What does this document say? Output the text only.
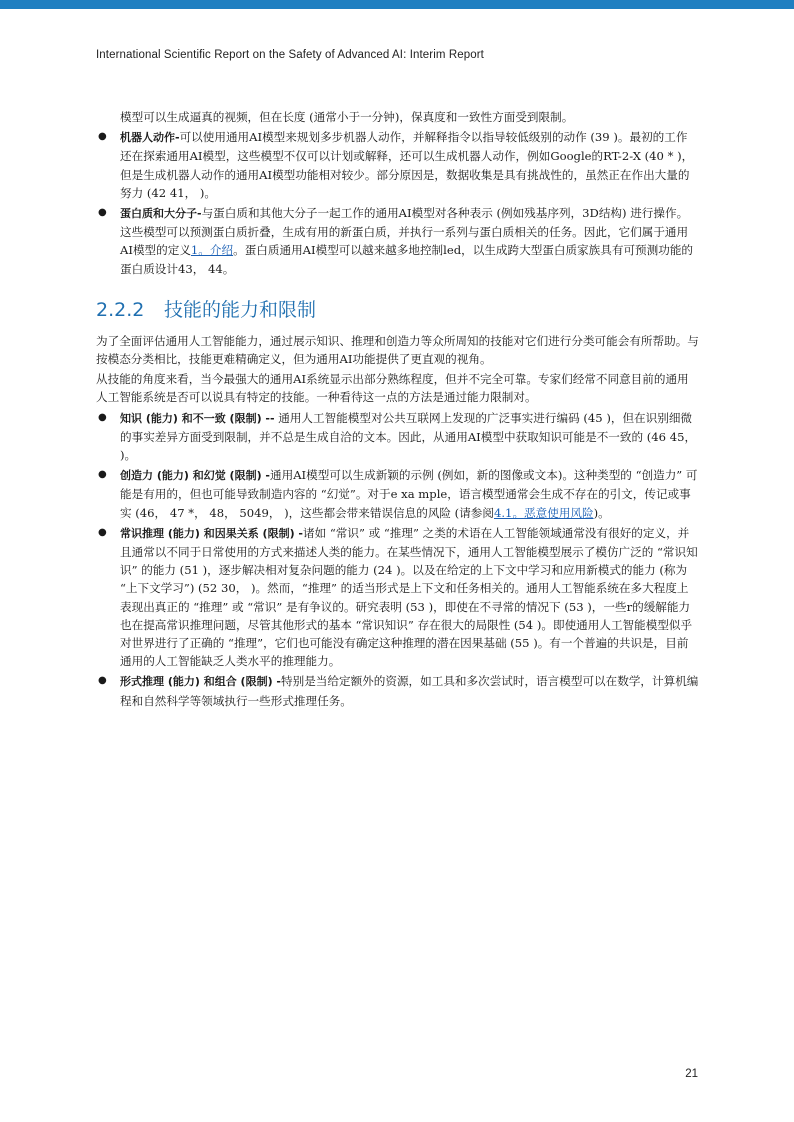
International Scientific Report on the Safety of Advanced AI: Interim Report

模型可以生成逼真的视频，但在长度 (通常小于一分钟)，保真度和一致性方面受到限制。

● 机器人动作-可以使用通用AI模型来规划多步机器人动作，并解释指令以指导较低级别的动作 (39 )。最初的工作还在探索通用AI模型，这些模型不仅可以计划或解释，还可以生成机器人动作，例如Google的RT-2-X (40 * )，但是生成机器人动作的通用AI模型功能相对较少。部分原因是，数据收集是具有挑战性的，虽然正在作出大量的努力 (42 41， )。
● 蛋白质和大分子-与蛋白质和其他大分子一起工作的通用AI模型对各种表示 (例如残基序列，3D结构) 进行操作。这些模型可以预测蛋白质折叠，生成有用的新蛋白质，并执行一系列与蛋白质相关的任务。因此，它们属于通用AI模型的定义1。介绍。蛋白质通用AI模型可以越来越多地控制led，以生成跨大型蛋白质家族具有可预测功能的蛋白质设计43， 44。
2.2.2 技能的能力和限制

为了全面评估通用人工智能能力，通过展示知识、推理和创造力等众所周知的技能对它们进行分类可能会有所帮助。与按模态分类相比，技能更难精确定义，但为通用AI功能提供了更直观的视角。

从技能的角度来看，当今最强大的通用AI系统显示出部分熟练程度，但并不完全可靠。专家们经常不同意目前的通用人工智能系统是否可以说具有特定的技能。一种看待这一点的方法是通过能力限制对。

● 知识 (能力) 和不一致 (限制) -- 通用人工智能模型对公共互联网上发现的广泛事实进行编码 (45 )，但在识别细微的事实差异方面受到限制，并不总是生成自洽的文本。因此，从通用AI模型中获取知识可能是不一致的 (46 45， )。
● 创造力 (能力) 和幻觉 (限制) -通用AI模型可以生成新颖的示例 (例如，新的图像或文本)。这种类型的 “创造力” 可能是有用的，但也可能导致制造内容的 “幻觉”。对于e xa mple，语言模型通常会生成不存在的引文，传记或事实 (46， 47 *， 48， 5049， )，这些都会带来错误信息的风险 (请参阅4.1。恶意使用风险)。
● 常识推理 (能力) 和因果关系 (限制) -诸如 “常识” 或 “推理” 之类的术语在人工智能领域通常没有很好的定义，并且通常以不同于日常使用的方式来描述人类的能力。在某些情况下，通用人工智能模型展示了模仿广泛的 “常识知识” 的能力 (51 )，逐步解决相对复杂问题的能力 (24 )。以及在给定的上下文中学习和应用新模式的能力 (称为 “上下文学习”) (52 30， )。然而，“推理” 的适当形式是上下文和任务相关的。通用人工智能系统在多大程度上表现出真正的 “推理” 或 “常识” 是有争议的。研究表明 (53 )，即使在不寻常的情况下 (53 )，一些r的缓解能力也在提高常识推理问题，尽管其他形式的基本 “常识知识” 存在很大的局限性 (54 )。即使通用人工智能模型似乎对世界进行了正确的 “推理”，它们也可能没有确定这种推理的潜在因果基础 (55 )。有一个普遍的共识是，目前通用的人工智能缺乏人类水平的推理能力。
● 形式推理 (能力) 和组合 (限制) -特别是当给定额外的资源，如工具和多次尝试时，语言模型可以在数学，计算机编程和自然科学等领域执行一些形式推理任务。
21
